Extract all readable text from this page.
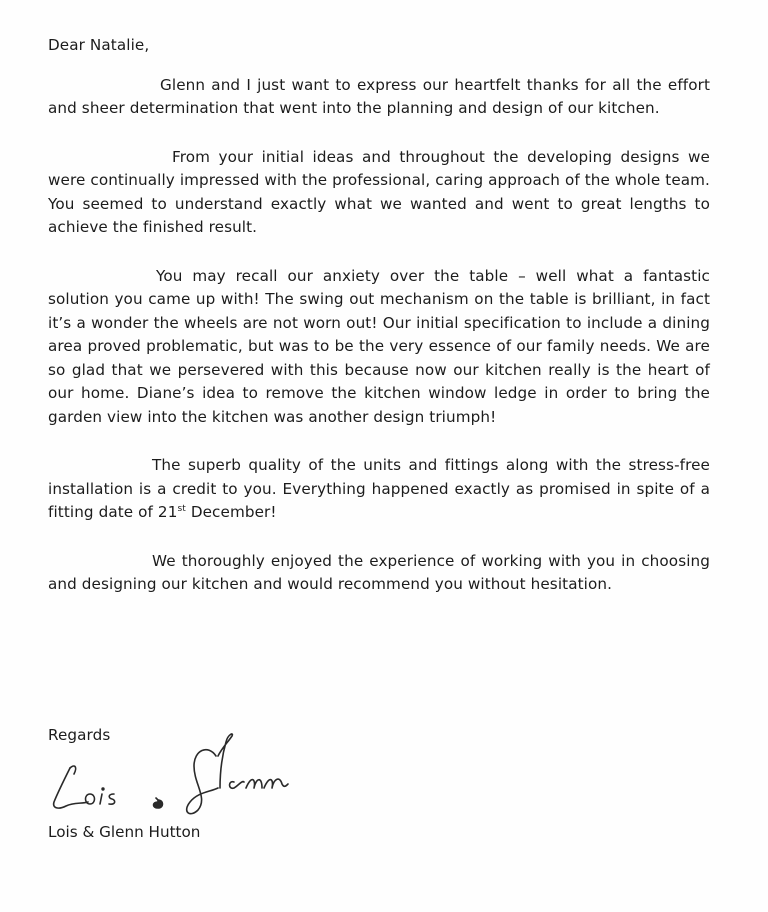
Dear Natalie,

Glenn and I just want to express our heartfelt thanks for all the effort and sheer determination that went into the planning and design of our kitchen.

From your initial ideas and throughout the developing designs we were continually impressed with the professional, caring approach of the whole team. You seemed to understand exactly what we wanted and went to great lengths to achieve the finished result.

You may recall our anxiety over the table – well what a fantastic solution you came up with! The swing out mechanism on the table is brilliant, in fact it’s a wonder the wheels are not worn out! Our initial specification to include a dining area proved problematic, but was to be the very essence of our family needs. We are so glad that we persevered with this because now our kitchen really is the heart of our home. Diane’s idea to remove the kitchen window ledge in order to bring the garden view into the kitchen was another design triumph!

The superb quality of the units and fittings along with the stress-free installation is a credit to you. Everything happened exactly as promised in spite of a fitting date of 21st December!

We thoroughly enjoyed the experience of working with you in choosing and designing our kitchen and would recommend you without hesitation.

Regards

Lois & Glenn Hutton
